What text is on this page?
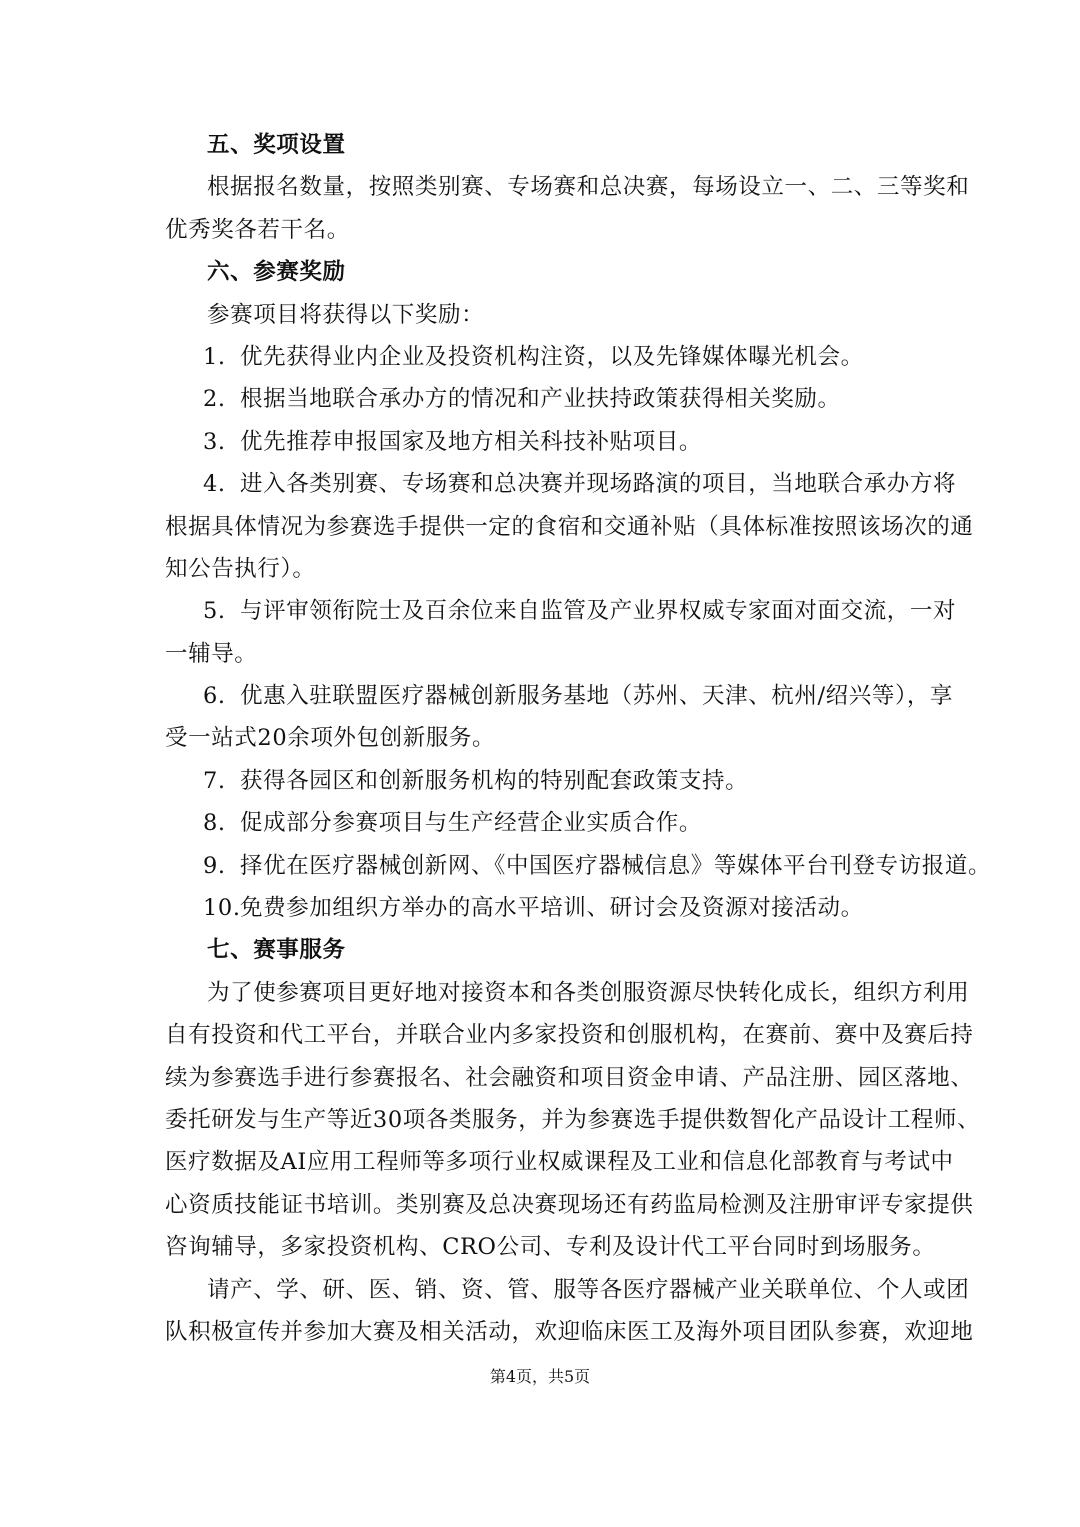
五、奖项设置
根据报名数量，按照类别赛、专场赛和总决赛，每场设立一、二、三等奖和
优秀奖各若干名。
六、参赛奖励
参赛项目将获得以下奖励：
1. 优先获得业内企业及投资机构注资，以及先锋媒体曝光机会。
2. 根据当地联合承办方的情况和产业扶持政策获得相关奖励。
3. 优先推荐申报国家及地方相关科技补贴项目。
4. 进入各类别赛、专场赛和总决赛并现场路演的项目，当地联合承办方将
根据具体情况为参赛选手提供一定的食宿和交通补贴（具体标准按照该场次的通
知公告执行）。
5. 与评审领衔院士及百余位来自监管及产业界权威专家面对面交流，一对
一辅导。
6. 优惠入驻联盟医疗器械创新服务基地（苏州、天津、杭州/绍兴等），享
受一站式20余项外包创新服务。
7. 获得各园区和创新服务机构的特别配套政策支持。
8. 促成部分参赛项目与生产经营企业实质合作。
9. 择优在医疗器械创新网、《中国医疗器械信息》等媒体平台刊登专访报道。
10.免费参加组织方举办的高水平培训、研讨会及资源对接活动。
七、赛事服务
为了使参赛项目更好地对接资本和各类创服资源尽快转化成长，组织方利用
自有投资和代工平台，并联合业内多家投资和创服机构，在赛前、赛中及赛后持
续为参赛选手进行参赛报名、社会融资和项目资金申请、产品注册、园区落地、
委托研发与生产等近30项各类服务，并为参赛选手提供数智化产品设计工程师、
医疗数据及AI应用工程师等多项行业权威课程及工业和信息化部教育与考试中
心资质技能证书培训。类别赛及总决赛现场还有药监局检测及注册审评专家提供
咨询辅导，多家投资机构、CRO公司、专利及设计代工平台同时到场服务。
请产、学、研、医、销、资、管、服等各医疗器械产业关联单位、个人或团
队积极宣传并参加大赛及相关活动，欢迎临床医工及海外项目团队参赛，欢迎地
第4页，共5页
